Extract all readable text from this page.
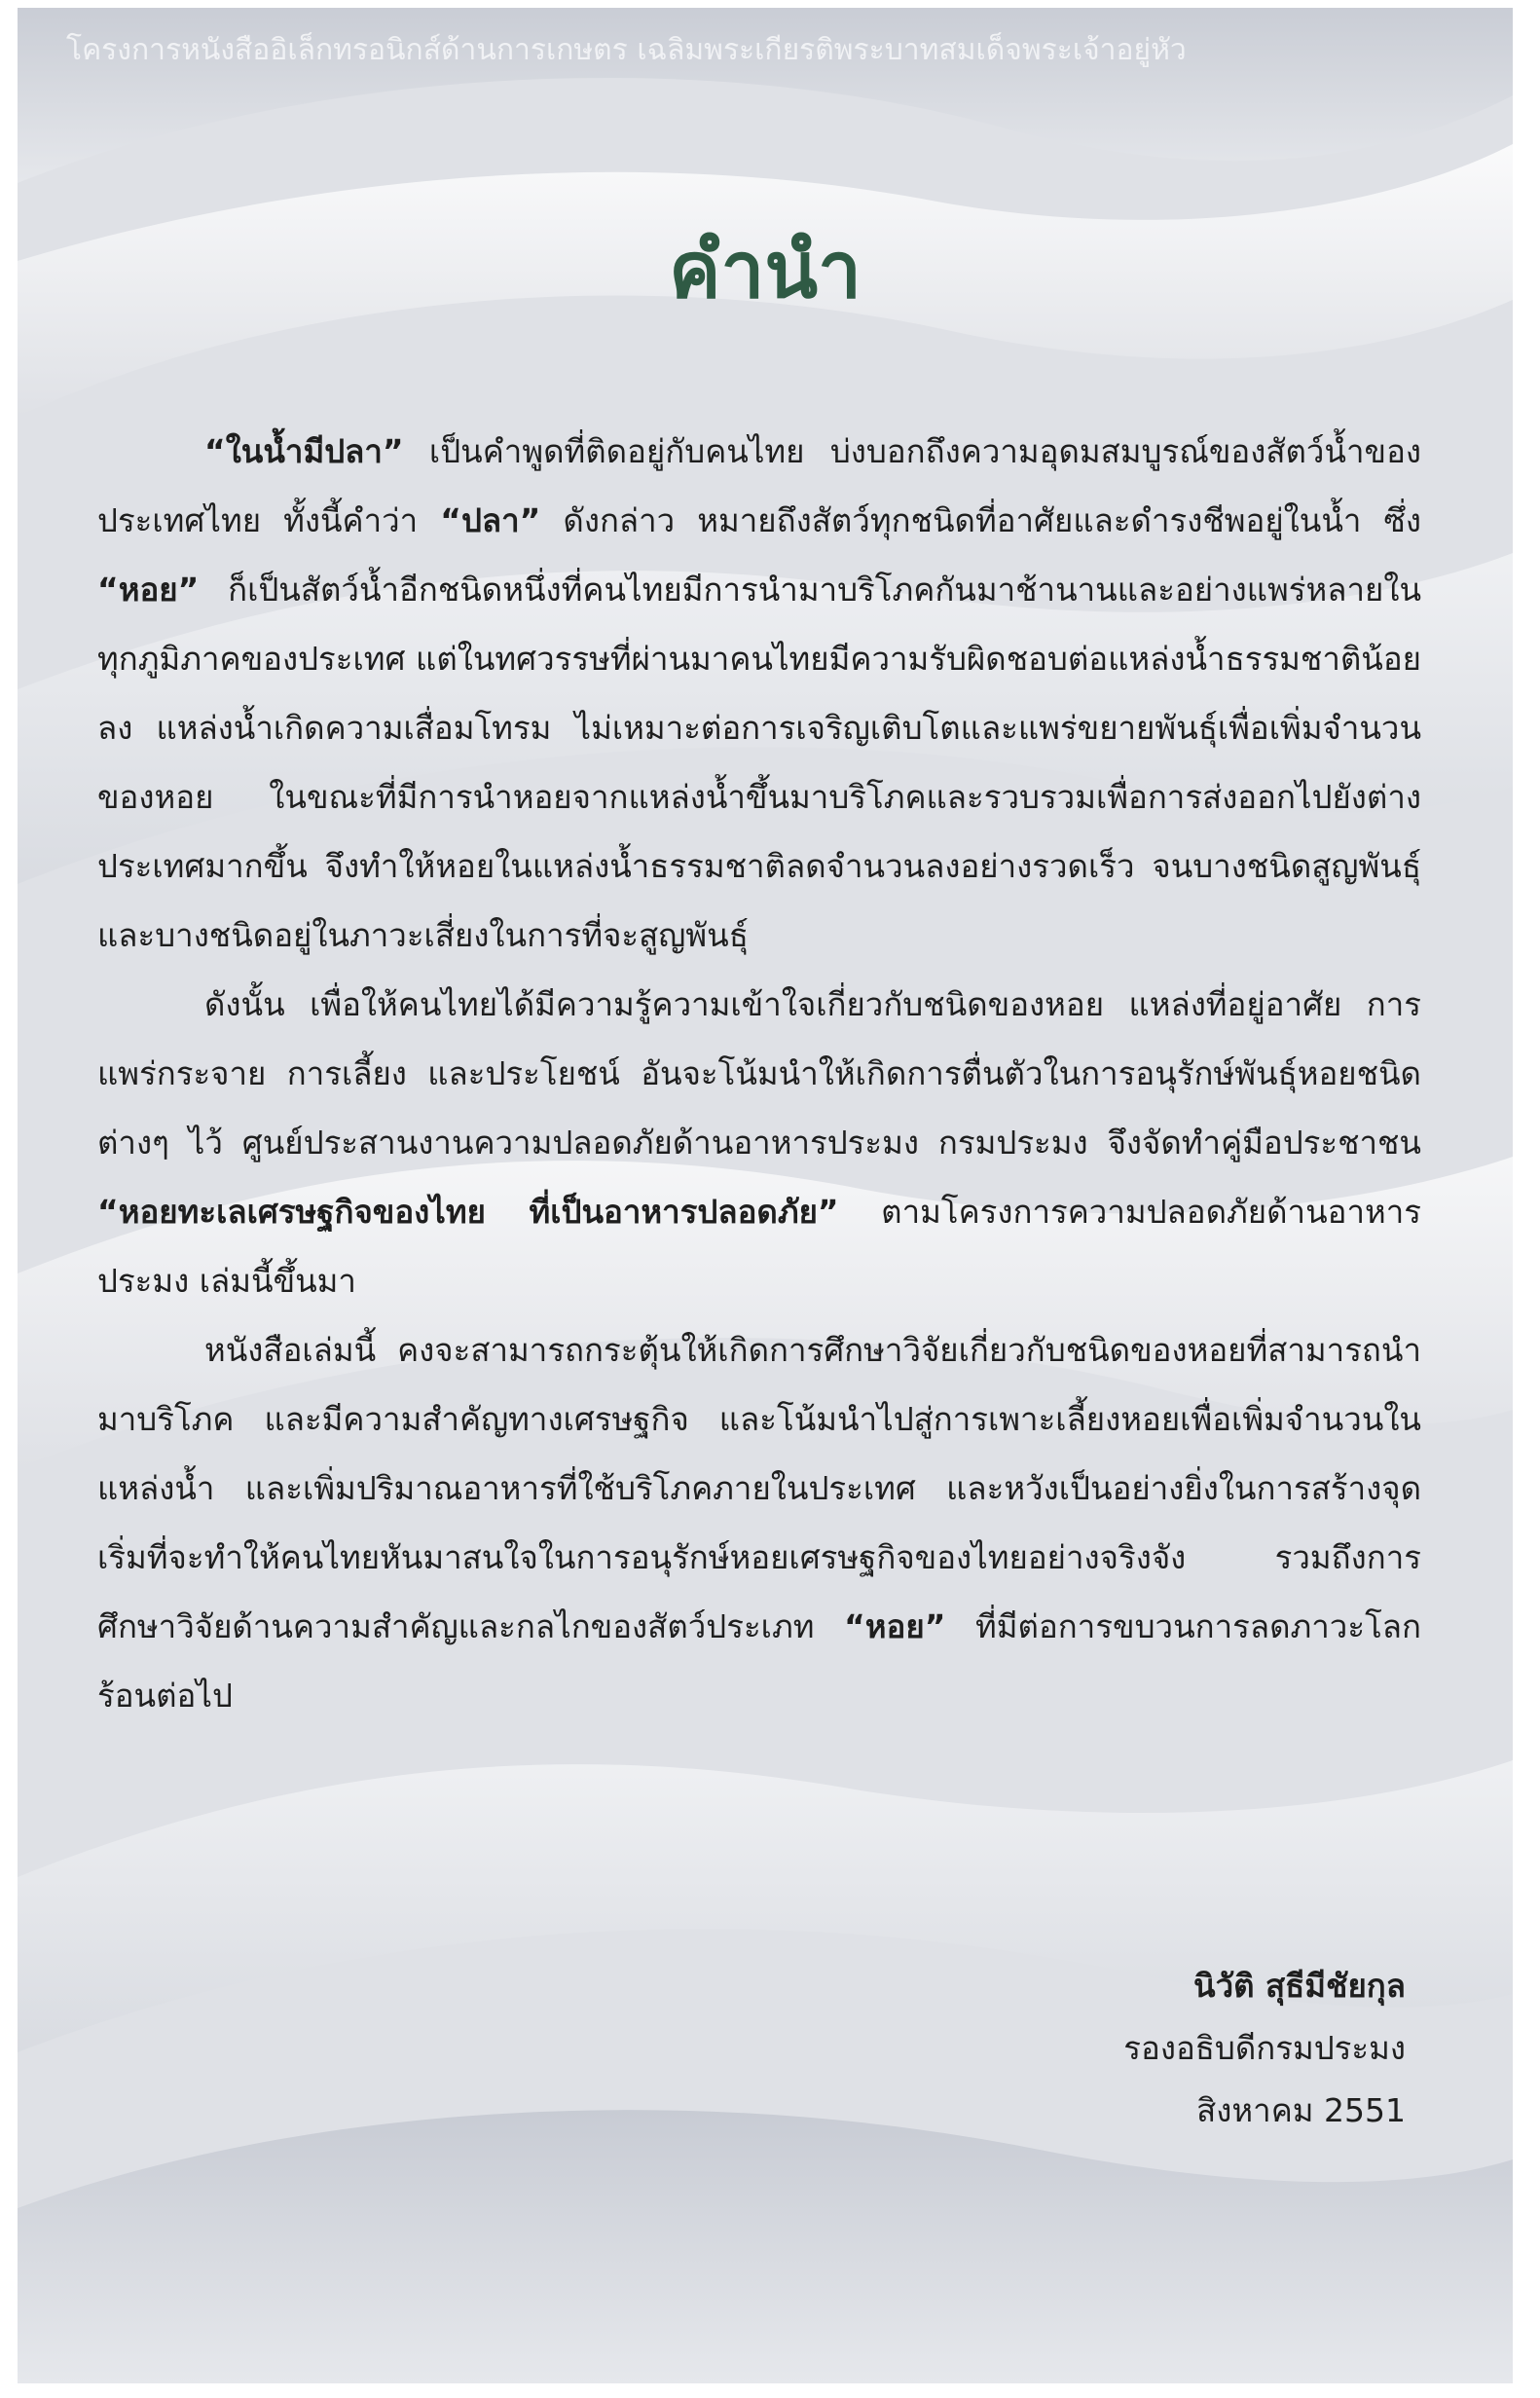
โครงการหนังสืออิเล็กทรอนิกส์ด้านการเกษตร เฉลิมพระเกียรติพระบาทสมเด็จพระเจ้าอยู่หัว
คำนำ

“ในน้ำมีปลา” เป็นคำพูดที่ติดอยู่กับคนไทย บ่งบอกถึงความอุดมสมบูรณ์ของสัตว์น้ำของประเทศไทย ทั้งนี้คำว่า “ปลา” ดังกล่าว หมายถึงสัตว์ทุกชนิดที่อาศัยและดำรงชีพอยู่ในน้ำ ซึ่ง “หอย” ก็เป็นสัตว์น้ำอีกชนิดหนึ่งที่คนไทยมีการนำมาบริโภคกันมาช้านานและอย่างแพร่หลายในทุกภูมิภาคของประเทศ แต่ในทศวรรษที่ผ่านมาคนไทยมีความรับผิดชอบต่อแหล่งน้ำธรรมชาติน้อยลง แหล่งน้ำเกิดความเสื่อมโทรม ไม่เหมาะต่อการเจริญเติบโตและแพร่ขยายพันธุ์เพื่อเพิ่มจำนวนของหอย ในขณะที่มีการนำหอยจากแหล่งน้ำขึ้นมาบริโภคและรวบรวมเพื่อการส่งออกไปยังต่างประเทศมากขึ้น จึงทำให้หอยในแหล่งน้ำธรรมชาติลดจำนวนลงอย่างรวดเร็ว จนบางชนิดสูญพันธุ์ และบางชนิดอยู่ในภาวะเสี่ยงในการที่จะสูญพันธุ์

ดังนั้น เพื่อให้คนไทยได้มีความรู้ความเข้าใจเกี่ยวกับชนิดของหอย แหล่งที่อยู่อาศัย การแพร่กระจาย การเลี้ยง และประโยชน์ อันจะโน้มนำให้เกิดการตื่นตัวในการอนุรักษ์พันธุ์หอยชนิดต่างๆ ไว้ ศูนย์ประสานงานความปลอดภัยด้านอาหารประมง กรมประมง จึงจัดทำคู่มือประชาชน “หอยทะเลเศรษฐกิจของไทย ที่เป็นอาหารปลอดภัย” ตามโครงการความปลอดภัยด้านอาหารประมง เล่มนี้ขึ้นมา

หนังสือเล่มนี้ คงจะสามารถกระตุ้นให้เกิดการศึกษาวิจัยเกี่ยวกับชนิดของหอยที่สามารถนำมาบริโภค และมีความสำคัญทางเศรษฐกิจ และโน้มนำไปสู่การเพาะเลี้ยงหอยเพื่อเพิ่มจำนวนในแหล่งน้ำ และเพิ่มปริมาณอาหารที่ใช้บริโภคภายในประเทศ และหวังเป็นอย่างยิ่งในการสร้างจุดเริ่มที่จะทำให้คนไทยหันมาสนใจในการอนุรักษ์หอยเศรษฐกิจของไทยอย่างจริงจัง รวมถึงการศึกษาวิจัยด้านความสำคัญและกลไกของสัตว์ประเภท “หอย” ที่มีต่อการขบวนการลดภาวะโลกร้อนต่อไป

นิวัติ สุธีมีชัยกุล
รองอธิบดีกรมประมง
สิงหาคม 2551
